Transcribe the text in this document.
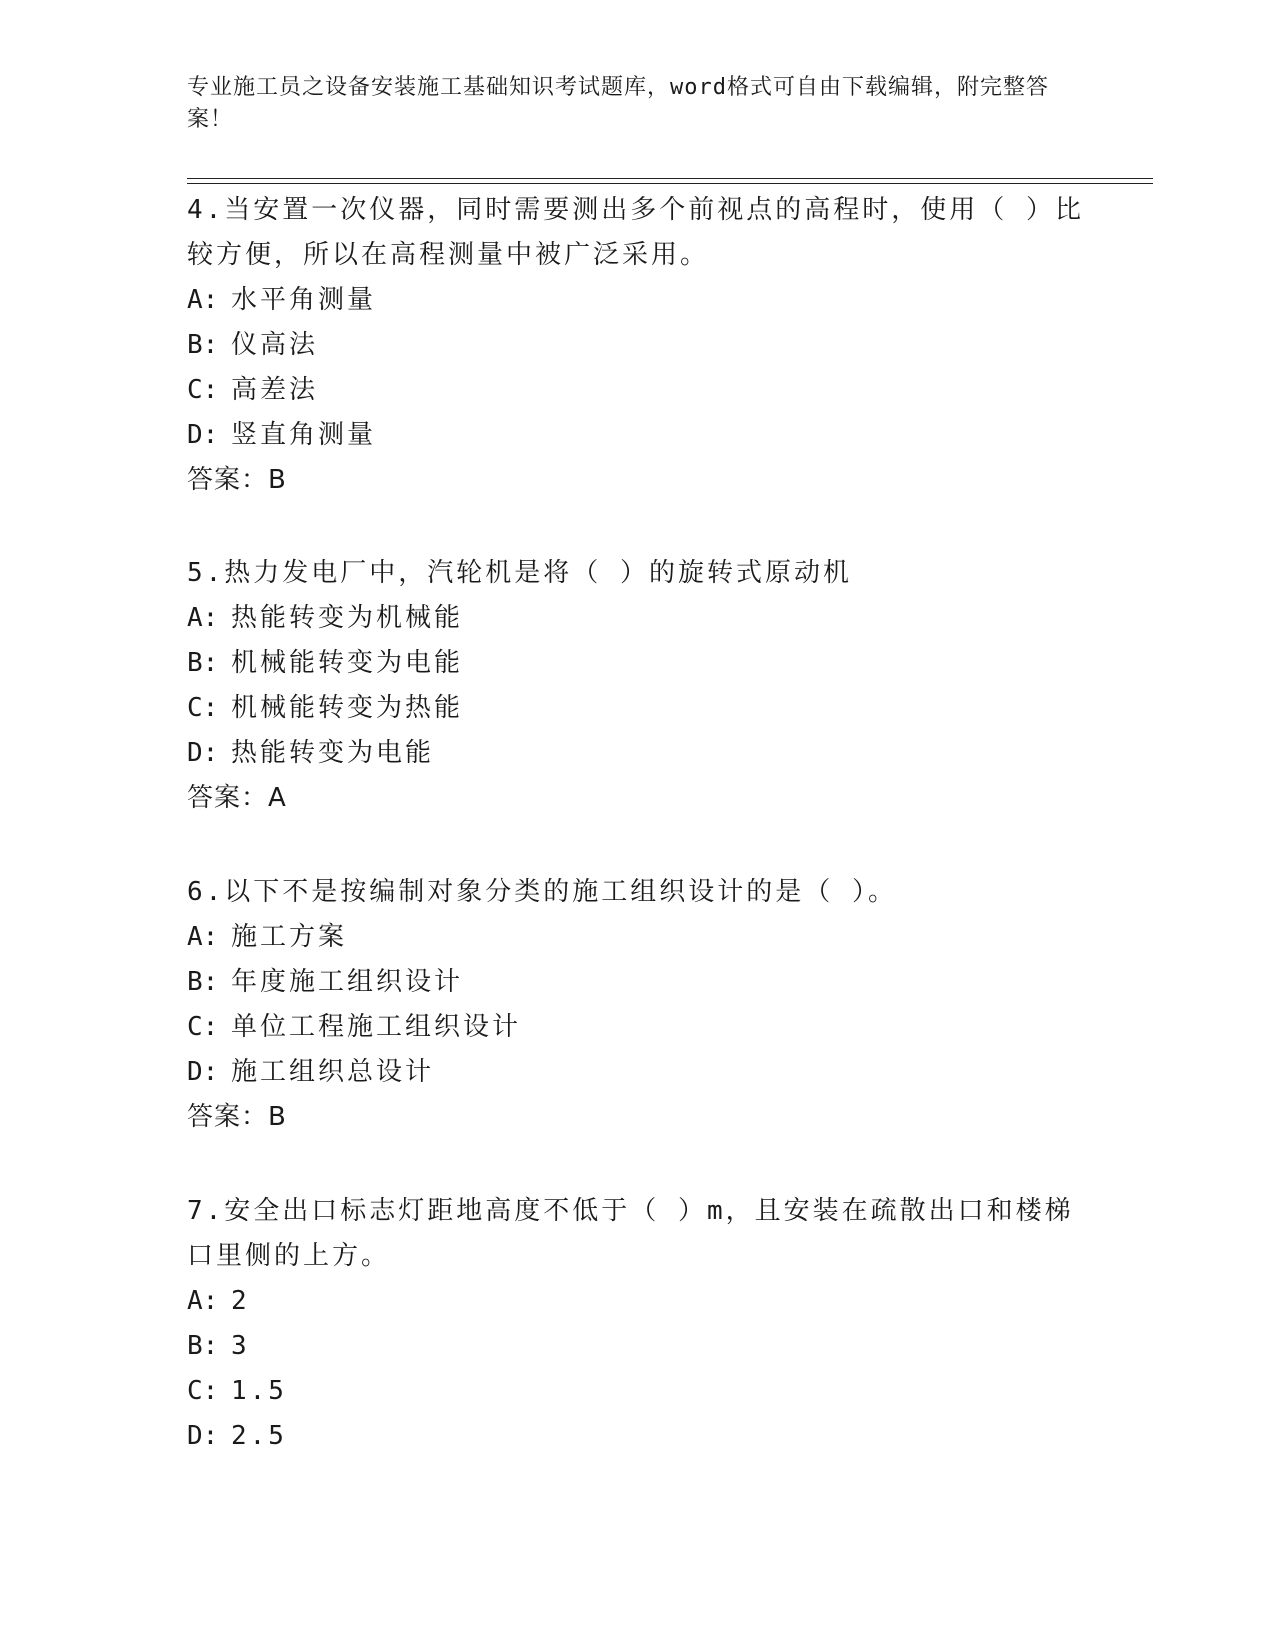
专业施工员之设备安装施工基础知识考试题库，word格式可自由下载编辑，附完整答案！

4.当安置一次仪器，同时需要测出多个前视点的高程时，使用（ ）比较方便，所以在高程测量中被广泛采用。

A: 水平角测量

B: 仪高法

C: 高差法

D: 竖直角测量

答案：B

5.热力发电厂中，汽轮机是将（ ）的旋转式原动机

A: 热能转变为机械能

B: 机械能转变为电能

C: 机械能转变为热能

D: 热能转变为电能

答案：A

6.以下不是按编制对象分类的施工组织设计的是（ ）。

A: 施工方案

B: 年度施工组织设计

C: 单位工程施工组织设计

D: 施工组织总设计

答案：B

7.安全出口标志灯距地高度不低于（ ）m，且安装在疏散出口和楼梯口里侧的上方。

A: 2

B: 3

C: 1.5

D: 2.5
